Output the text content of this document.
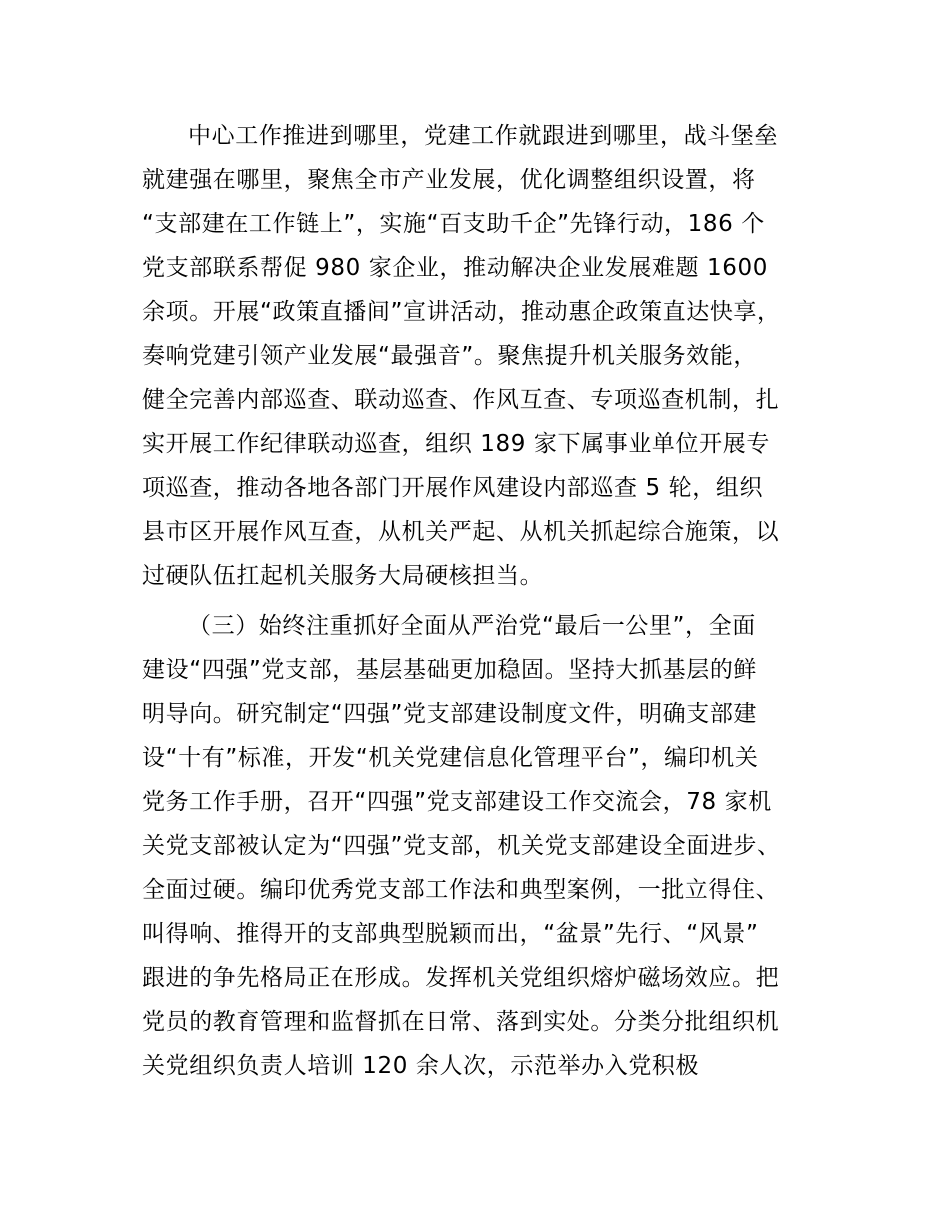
中心工作推进到哪里，党建工作就跟进到哪里，战斗堡垒
就建强在哪里，聚焦全市产业发展，优化调整组织设置，将
“支部建在工作链上”，实施“百支助千企”先锋行动，186 个
党支部联系帮促 980 家企业，推动解决企业发展难题 1600
余项。开展“政策直播间”宣讲活动，推动惠企政策直达快享，
奏响党建引领产业发展“最强音”。聚焦提升机关服务效能，
健全完善内部巡查、联动巡查、作风互查、专项巡查机制，扎
实开展工作纪律联动巡查，组织 189 家下属事业单位开展专
项巡查，推动各地各部门开展作风建设内部巡查 5 轮，组织
县市区开展作风互查，从机关严起、从机关抓起综合施策，以
过硬队伍扛起机关服务大局硬核担当。
（三）始终注重抓好全面从严治党“最后一公里”，全面
建设“四强”党支部，基层基础更加稳固。坚持大抓基层的鲜
明导向。研究制定“四强”党支部建设制度文件，明确支部建
设“十有”标准，开发“机关党建信息化管理平台”，编印机关
党务工作手册，召开“四强”党支部建设工作交流会，78 家机
关党支部被认定为“四强”党支部，机关党支部建设全面进步、
全面过硬。编印优秀党支部工作法和典型案例，一批立得住、
叫得响、推得开的支部典型脱颖而出，“盆景”先行、“风景”
跟进的争先格局正在形成。发挥机关党组织熔炉磁场效应。把
党员的教育管理和监督抓在日常、落到实处。分类分批组织机
关党组织负责人培训 120 余人次，示范举办入党积极
